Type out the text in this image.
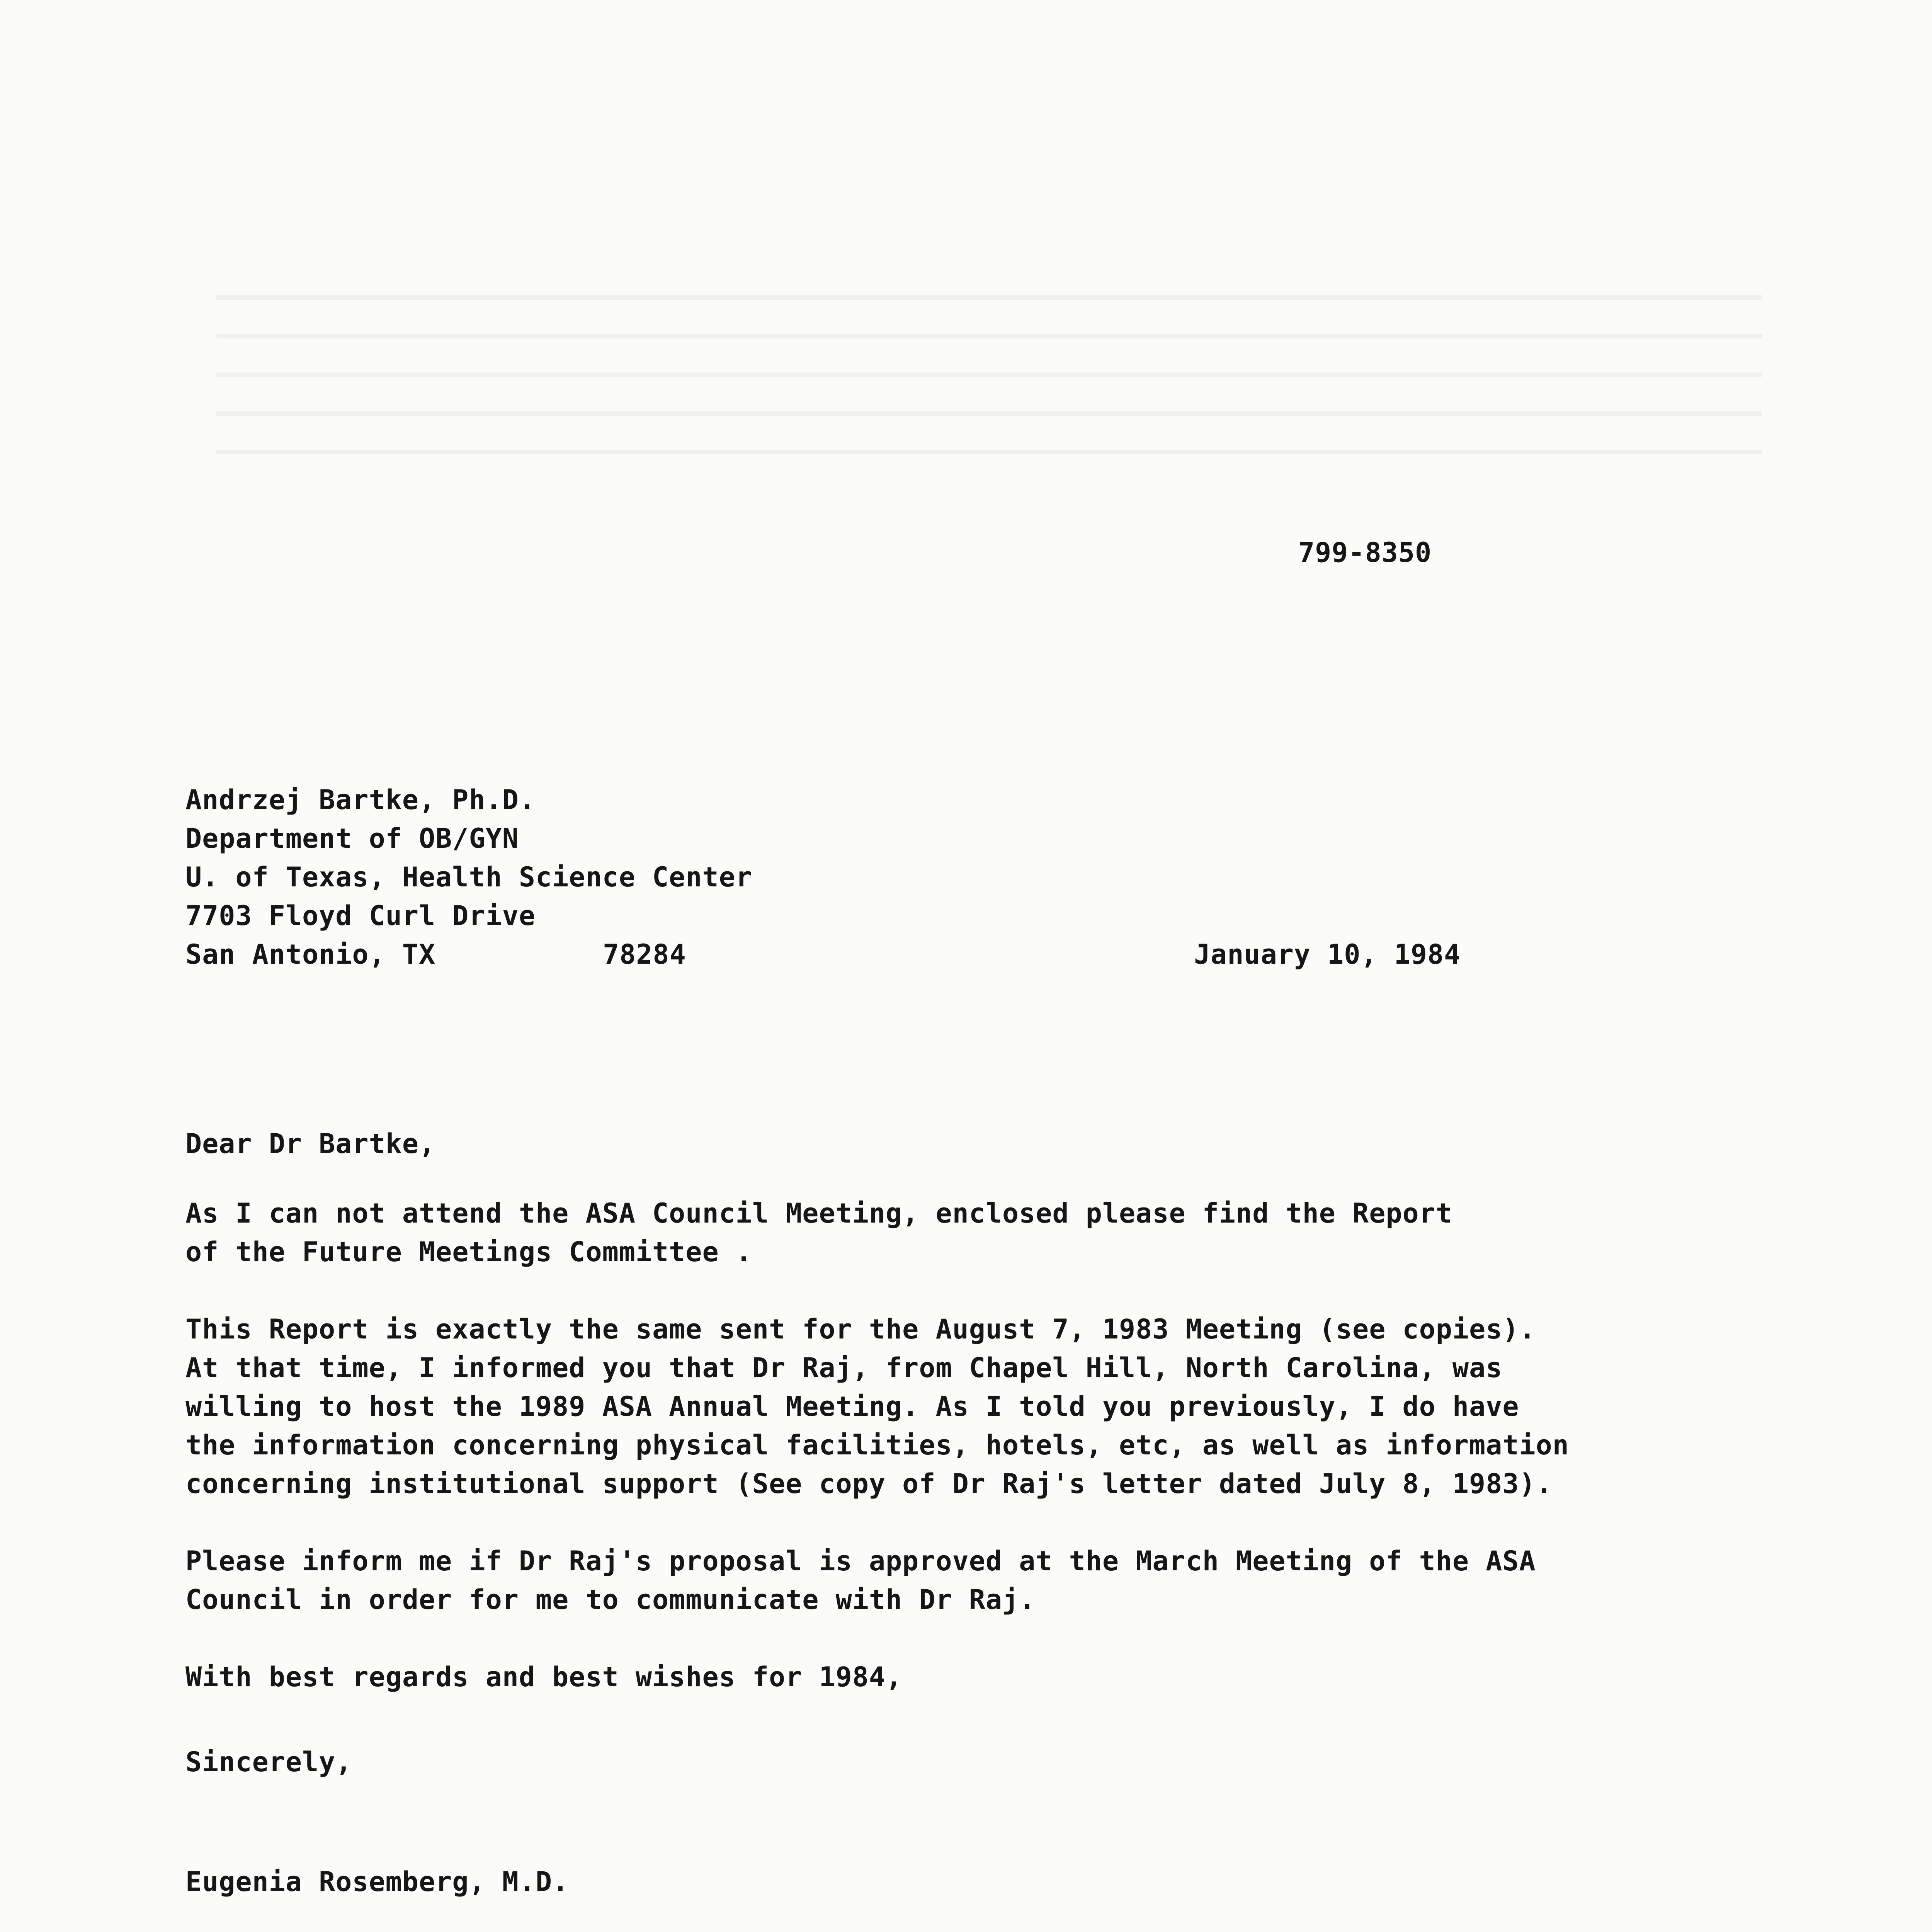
799-8350
Andrzej Bartke, Ph.D.
Department of OB/GYN
U. of Texas, Health Science Center
7703 Floyd Curl Drive
San Antonio, TX	78284	January 10, 1984
Dear Dr Bartke,
As I can not attend the ASA Council Meeting, enclosed please find the Report
of the Future Meetings Committee .
This Report is exactly the same sent for the August 7, 1983 Meeting (see copies).
At that time, I informed you that Dr Raj, from Chapel Hill, North Carolina, was
willing to host the 1989 ASA Annual Meeting. As I told you previously, I do have
the information concerning physical facilities, hotels, etc, as well as information
concerning institutional support (See copy of Dr Raj's letter dated July 8, 1983).
Please inform me if Dr Raj's proposal is approved at the March Meeting of the ASA
Council in order for me to communicate with Dr Raj.
With best regards and best wishes for 1984,
Sincerely,
Eugenia Rosemberg, M.D.
